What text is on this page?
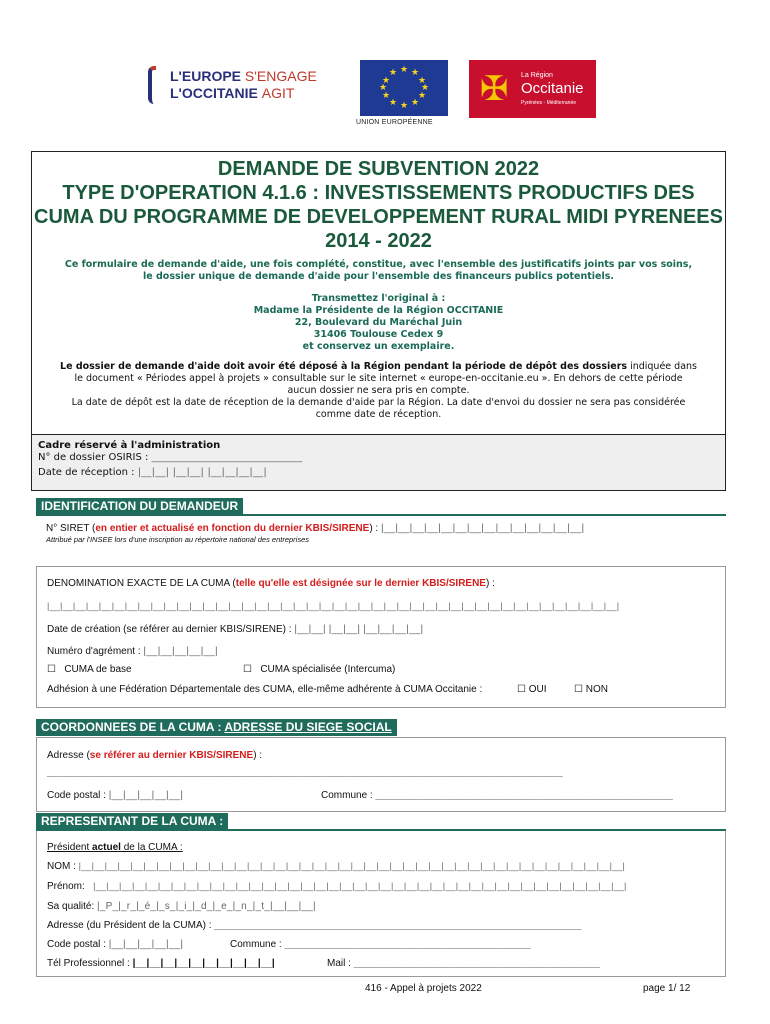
L'EUROPE S'ENGAGE
L'OCCITANIE AGIT
★ ★
★
★
★
★
★
★
★
★
★
★
UNION EUROPÉENNE
✠	La Région
Occitanie
Pyrénées - Méditerranée
DEMANDE DE SUBVENTION 2022
TYPE D'OPERATION 4.1.6 : INVESTISSEMENTS PRODUCTIFS DES
CUMA DU PROGRAMME DE DEVELOPPEMENT RURAL MIDI PYRENEES
2014 - 2022
Ce formulaire de demande d'aide, une fois complété, constitue, avec l'ensemble des justificatifs joints par vos soins,
le dossier unique de demande d'aide pour l'ensemble des financeurs publics potentiels.
Transmettez l'original à :
Madame la Présidente de la Région OCCITANIE
22, Boulevard du Maréchal Juin
31406 Toulouse Cedex 9
et conservez un exemplaire.
Le dossier de demande d'aide doit avoir été déposé à la Région pendant la période de dépôt des dossiers indiquée dans
le document « Périodes appel à projets » consultable sur le site internet « europe-en-occitanie.eu ». En dehors de cette période
aucun dossier ne sera pris en compte.
La date de dépôt est la date de réception de la demande d'aide par la Région. La date d'envoi du dossier ne sera pas considérée
comme date de réception.
Cadre réservé à l'administration
N° de dossier OSIRIS : _____________________________
Date de réception : |__|__| |__|__| |__|__|__|__|
IDENTIFICATION DU DEMANDEUR
N° SIRET (en entier et actualisé en fonction du dernier KBIS/SIRENE) : |__|__|__|__|__|__|__|__|__|__|__|__|__|__|
Attribué par l'INSEE lors d'une inscription au répertoire national des entreprises
DENOMINATION EXACTE DE LA CUMA (telle qu'elle est désignée sur le dernier KBIS/SIRENE) :
|__|__|__|__|__|__|__|__|__|__|__|__|__|__|__|__|__|__|__|__|__|__|__|__|__|__|__|__|__|__|__|__|__|__|__|__|__|__|__|__|__|__|__|__|
Date de création (se référer au dernier KBIS/SIRENE) : |__|__| |__|__| |__|__|__|__|
Numéro d'agrément : |__|__|__|__|__|
☐ CUMA de base	☐ CUMA spécialisée (Intercuma)
Adhésion à une Fédération Départementale des CUMA, elle-même adhérente à CUMA Occitanie :	☐ OUI	☐ NON
COORDONNEES DE LA CUMA : ADRESSE DU SIEGE SOCIAL
Adresse (se référer au dernier KBIS/SIRENE) :
_______________________________________________________________________________________________________________
Code postal : |__|__|__|__|__|	Commune : ________________________________________________________________
REPRESENTANT DE LA CUMA :
Président actuel de la CUMA :
NOM : |__|__|__|__|__|__|__|__|__|__|__|__|__|__|__|__|__|__|__|__|__|__|__|__|__|__|__|__|__|__|__|__|__|__|__|__|__|__|__|__|__|__|
Prénom: |__|__|__|__|__|__|__|__|__|__|__|__|__|__|__|__|__|__|__|__|__|__|__|__|__|__|__|__|__|__|__|__|__|__|__|__|__|__|__|__|__|
Sa qualité: |_P_|_r_|_é_|_s_|_i_|_d_|_e_|_n_|_t_|__|__|__|
Adresse (du Président de la CUMA) : _______________________________________________________________________________
Code postal : |__|__|__|__|__|	Commune : _____________________________________________________
Tél Professionnel : |__|__|__|__|__|__|__|__|__|__|	Mail : _____________________________________________________
416 - Appel à projets 2022	page 1/ 12
